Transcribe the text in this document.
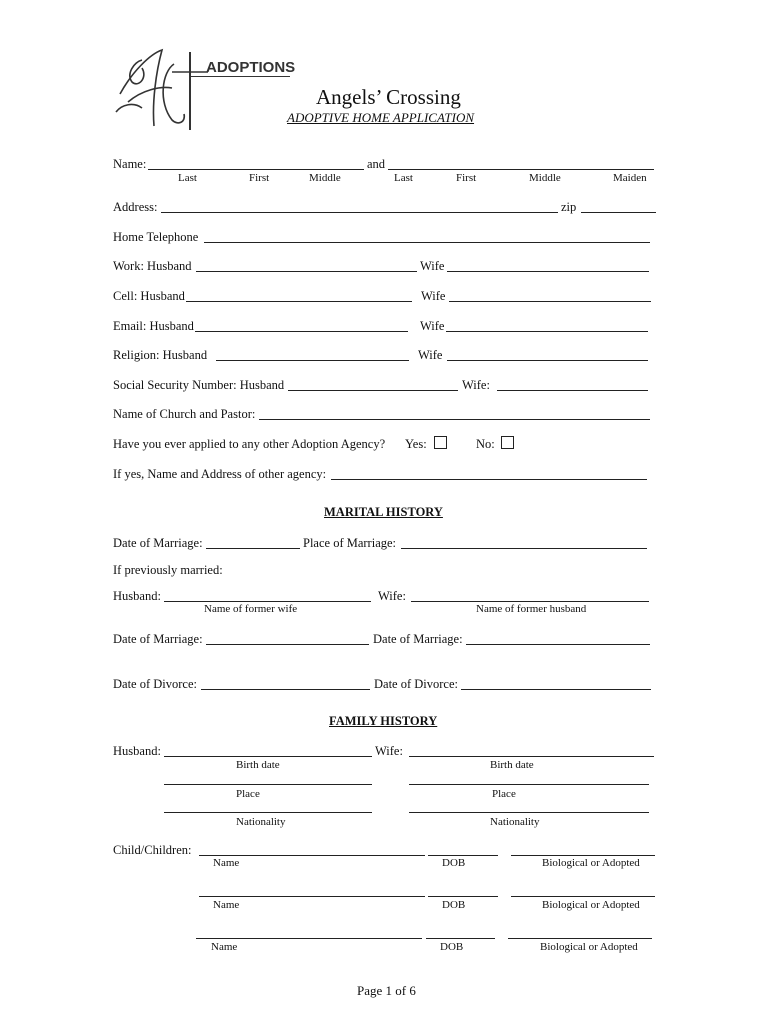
ADOPTIONS
Angels’ Crossing
ADOPTIVE HOME APPLICATION
Name:	and
Last	First	Middle	Last	First	Middle	Maiden
Address:	zip
Home Telephone
Work: Husband	Wife
Cell: Husband	Wife
Email: Husband	Wife
Religion: Husband	Wife
Social Security Number: Husband	Wife:
Name of Church and Pastor:
Have you ever applied to any other Adoption Agency? Yes:	No:
If yes, Name and Address of other agency:
MARITAL HISTORY
Date of Marriage:	Place of Marriage:
If previously married:
Husband:	Wife:
Name of former wife	Name of former husband
Date of Marriage:	Date of Marriage:
Date of Divorce:	Date of Divorce:
FAMILY HISTORY
Husband:	Wife:
Birth date	Birth date
Place	Place
Nationality	Nationality
Child/Children:
Name	DOB	Biological or Adopted
Name	DOB	Biological or Adopted
Name	DOB	Biological or Adopted
Page 1 of 6
